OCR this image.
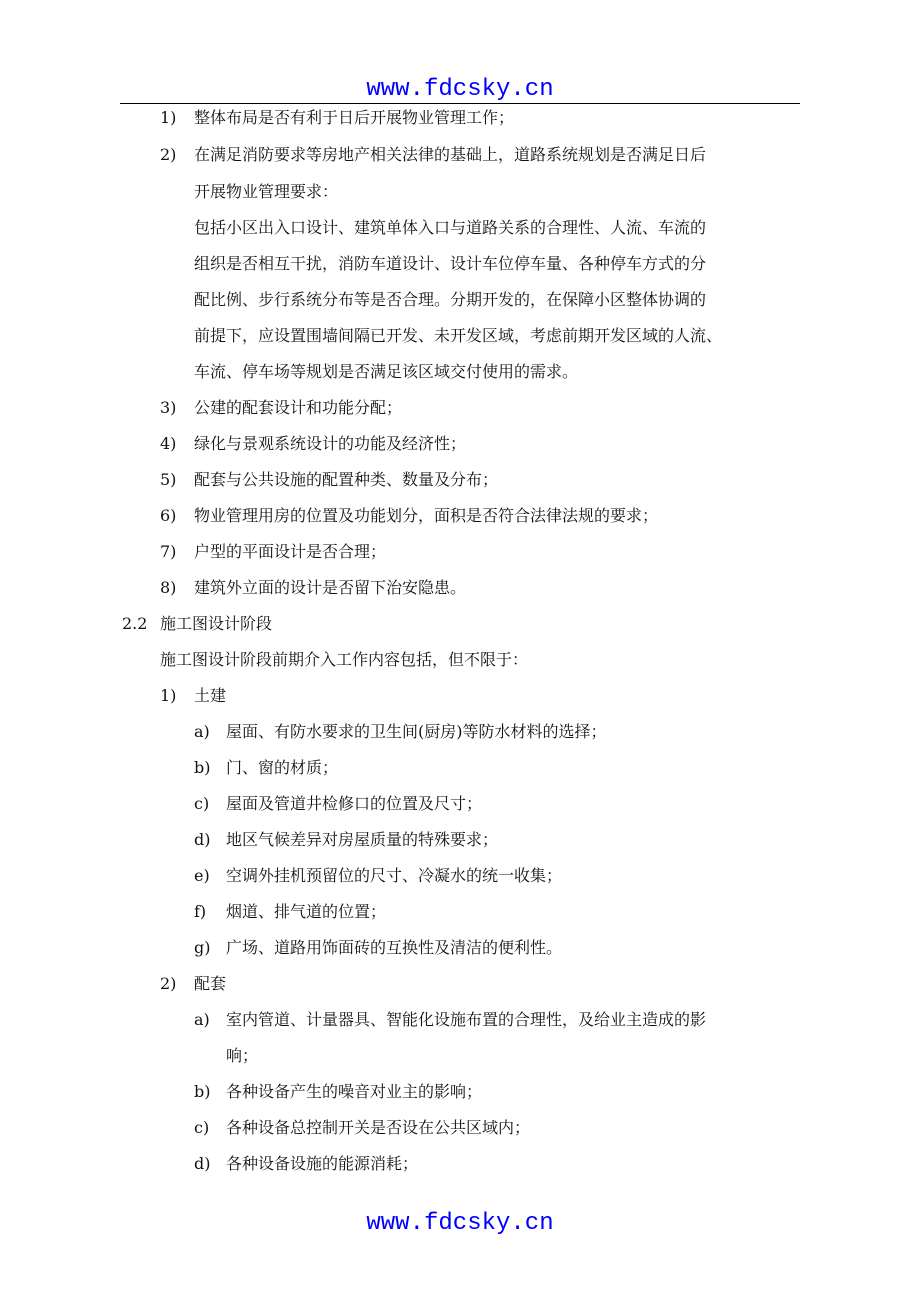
www.fdcsky.cn
1) 整体布局是否有利于日后开展物业管理工作；
2) 在满足消防要求等房地产相关法律的基础上，道路系统规划是否满足日后
开展物业管理要求：
包括小区出入口设计、建筑单体入口与道路关系的合理性、人流、车流的
组织是否相互干扰，消防车道设计、设计车位停车量、各种停车方式的分
配比例、步行系统分布等是否合理。分期开发的，在保障小区整体协调的
前提下，应设置围墙间隔已开发、未开发区域，考虑前期开发区域的人流、
车流、停车场等规划是否满足该区域交付使用的需求。
3) 公建的配套设计和功能分配；
4) 绿化与景观系统设计的功能及经济性；
5) 配套与公共设施的配置种类、数量及分布；
6) 物业管理用房的位置及功能划分，面积是否符合法律法规的要求；
7) 户型的平面设计是否合理；
8) 建筑外立面的设计是否留下治安隐患。
2.2 施工图设计阶段
施工图设计阶段前期介入工作内容包括，但不限于：
1) 土建
a) 屋面、有防水要求的卫生间(厨房)等防水材料的选择；
b) 门、窗的材质；
c) 屋面及管道井检修口的位置及尺寸；
d) 地区气候差异对房屋质量的特殊要求；
e) 空调外挂机预留位的尺寸、冷凝水的统一收集；
f) 烟道、排气道的位置；
g) 广场、道路用饰面砖的互换性及清洁的便利性。
2) 配套
a) 室内管道、计量器具、智能化设施布置的合理性，及给业主造成的影
响；
b) 各种设备产生的噪音对业主的影响；
c) 各种设备总控制开关是否设在公共区域内；
d) 各种设备设施的能源消耗；
www.fdcsky.cn
